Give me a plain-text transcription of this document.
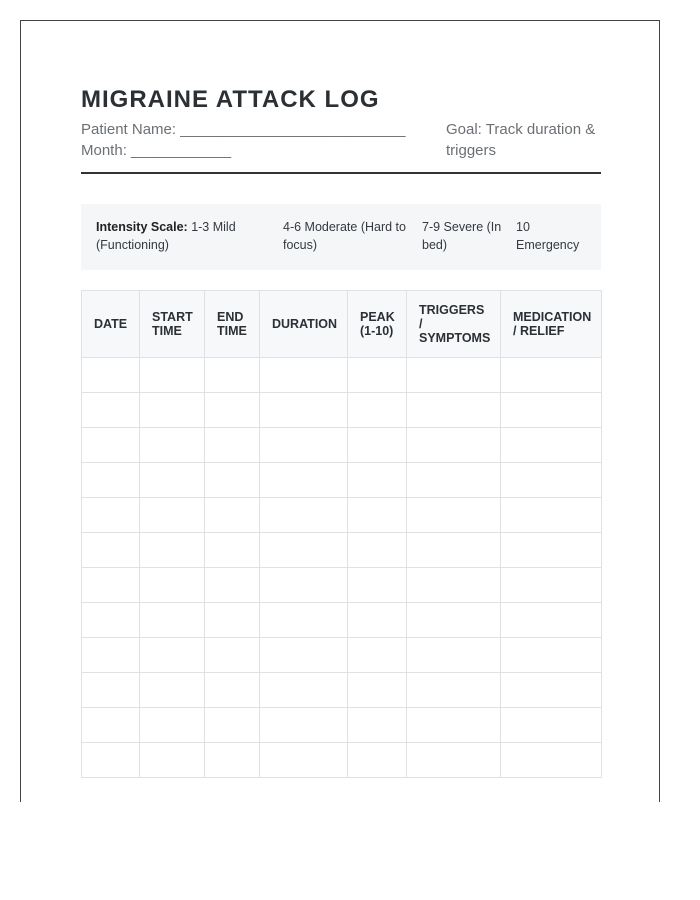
MIGRAINE ATTACK LOG
Patient Name: ___________________________ Month: ____________
Goal: Track duration & triggers
Intensity Scale: 1-3 Mild (Functioning)
4-6 Moderate (Hard to focus)
7-9 Severe (In bed)
10 Emergency
DATE	START TIME	END TIME	DURATION	PEAK (1-10)	TRIGGERS / SYMPTOMS	MEDICATION / RELIEF
